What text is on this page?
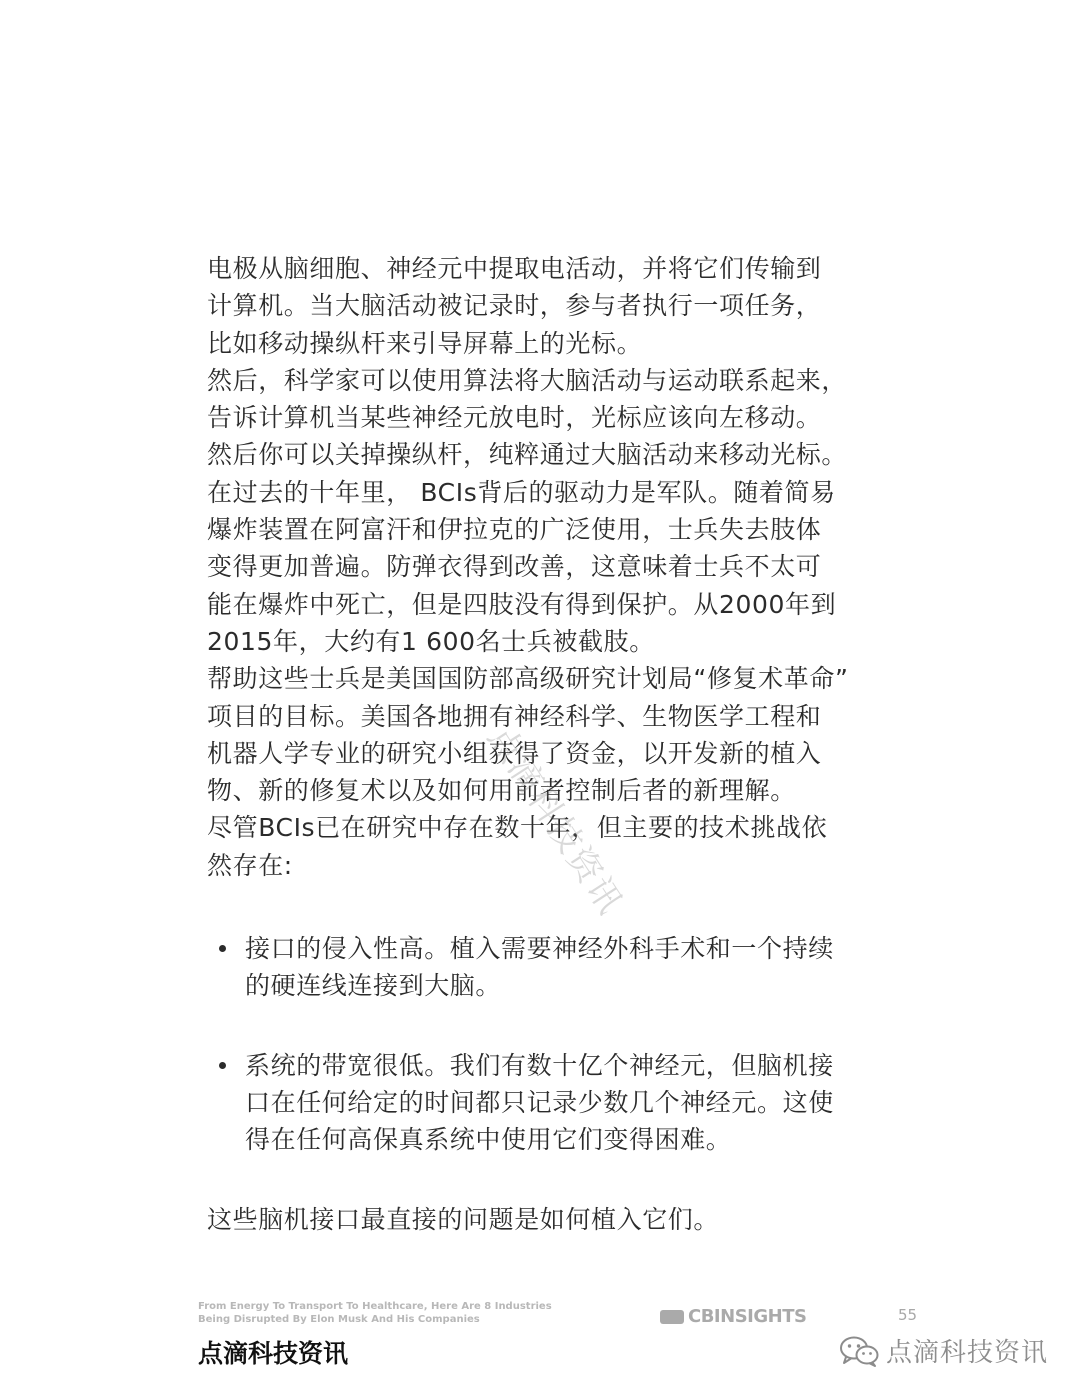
电极从脑细胞、神经元中提取电活动，并将它们传输到
计算机。当大脑活动被记录时，参与者执行一项任务，
比如移动操纵杆来引导屏幕上的光标。

然后，科学家可以使用算法将大脑活动与运动联系起来，
告诉计算机当某些神经元放电时，光标应该向左移动。
然后你可以关掉操纵杆，纯粹通过大脑活动来移动光标。

在过去的十年里， BCIs背后的驱动力是军队。随着简易
爆炸装置在阿富汗和伊拉克的广泛使用，士兵失去肢体
变得更加普遍。防弹衣得到改善，这意味着士兵不太可
能在爆炸中死亡，但是四肢没有得到保护。从2000年到
2015年，大约有1 600名士兵被截肢。

帮助这些士兵是美国国防部高级研究计划局“修复术革命”
项目的目标。美国各地拥有神经科学、生物医学工程和
机器人学专业的研究小组获得了资金，以开发新的植入
物、新的修复术以及如何用前者控制后者的新理解。

尽管BCIs已在研究中存在数十年，但主要的技术挑战依
然存在:

接口的侵入性高。植入需要神经外科手术和一个持续
的硬连线连接到大脑。
系统的带宽很低。我们有数十亿个神经元，但脑机接
口在任何给定的时间都只记录少数几个神经元。这使
得在任何高保真系统中使用它们变得困难。

这些脑机接口最直接的问题是如何植入它们。

点滴科技资讯
From Energy To Transport To Healthcare, Here Are 8 Industries
Being Disrupted By Elon Musk And His Companies	CBINSIGHTS	55
点滴科技资讯	点滴科技资讯
